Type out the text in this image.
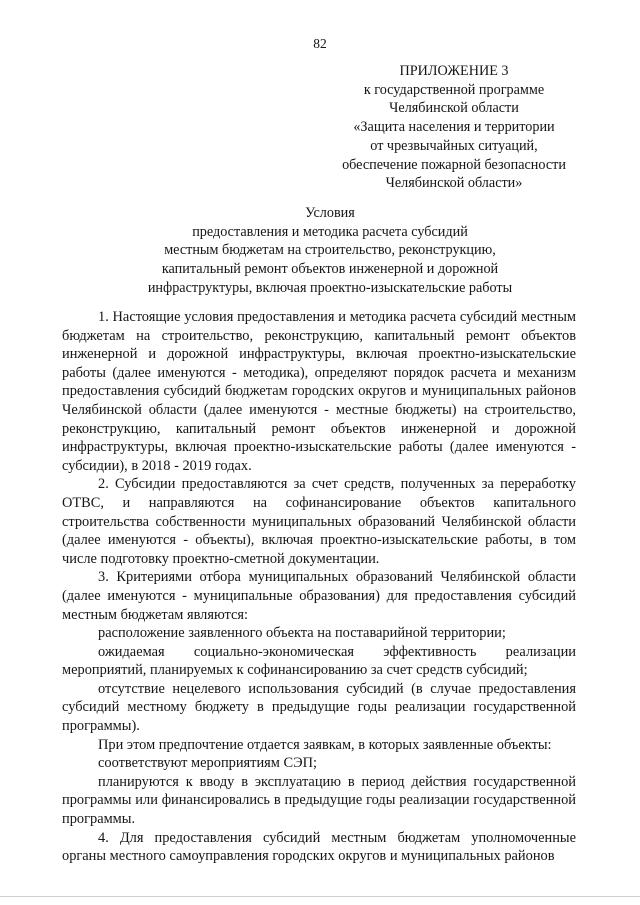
82
ПРИЛОЖЕНИЕ 3
к государственной программе
Челябинской области
«Защита населения и территории
от чрезвычайных ситуаций,
обеспечение пожарной безопасности
Челябинской области»
Условия
предоставления и методика расчета субсидий
местным бюджетам на строительство, реконструкцию,
капитальный ремонт объектов инженерной и дорожной
инфраструктуры, включая проектно-изыскательские работы
1. Настоящие условия предоставления и методика расчета субсидий местным бюджетам на строительство, реконструкцию, капитальный ремонт объектов инженерной и дорожной инфраструктуры, включая проектно-изыскательские работы (далее именуются - методика), определяют порядок расчета и механизм предоставления субсидий бюджетам городских округов и муниципальных районов Челябинской области (далее именуются - местные бюджеты) на строительство, реконструкцию, капитальный ремонт объектов инженерной и дорожной инфраструктуры, включая проектно-изыскательские работы (далее именуются - субсидии), в 2018 - 2019 годах.
2. Субсидии предоставляются за счет средств, полученных за переработку ОТВС, и направляются на софинансирование объектов капитального строительства собственности муниципальных образований Челябинской области (далее именуются - объекты), включая проектно-изыскательские работы, в том числе подготовку проектно-сметной документации.
3. Критериями отбора муниципальных образований Челябинской области (далее именуются - муниципальные образования) для предоставления субсидий местным бюджетам являются:
расположение заявленного объекта на поставарийной территории;
ожидаемая социально-экономическая эффективность реализации мероприятий, планируемых к софинансированию за счет средств субсидий;
отсутствие нецелевого использования субсидий (в случае предоставления субсидий местному бюджету в предыдущие годы реализации государственной программы).
При этом предпочтение отдается заявкам, в которых заявленные объекты:
соответствуют мероприятиям СЭП;
планируются к вводу в эксплуатацию в период действия государственной программы или финансировались в предыдущие годы реализации государственной программы.
4. Для предоставления субсидий местным бюджетам уполномоченные органы местного самоуправления городских округов и муниципальных районов
